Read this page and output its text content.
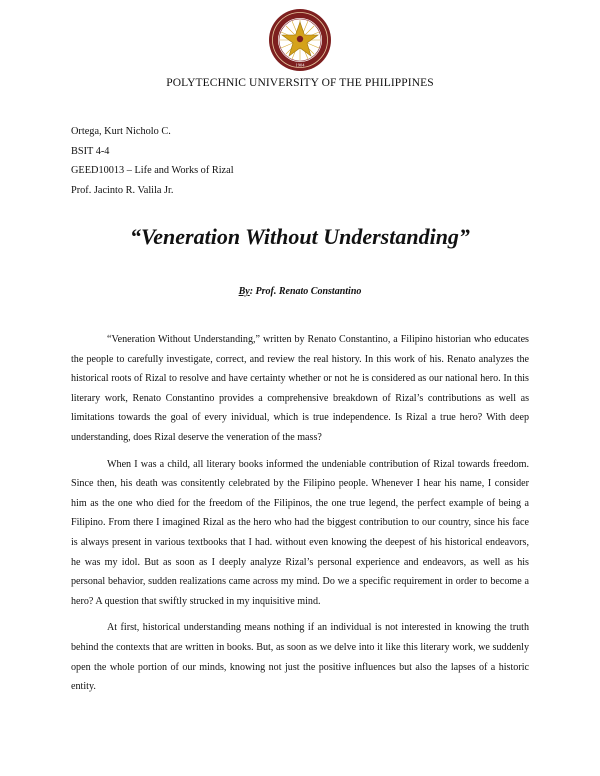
1904
POLYTECHNIC UNIVERSITY OF THE PHILIPPINES
Ortega, Kurt Nicholo C.
BSIT 4-4
GEED10013 – Life and Works of Rizal
Prof. Jacinto R. Valila Jr.
“Veneration Without Understanding”
By: Prof. Renato Constantino

“Veneration Without Understanding,” written by Renato Constantino, a Filipino historian who educates the people to carefully investigate, correct, and review the real history. In this work of his. Renato analyzes the historical roots of Rizal to resolve and have certainty whether or not he is considered as our national hero. In this literary work, Renato Constantino provides a comprehensive breakdown of Rizal’s contributions as well as limitations towards the goal of every inividual, which is true independence. Is Rizal a true hero? With deep understanding, does Rizal deserve the veneration of the mass?

When I was a child, all literary books informed the undeniable contribution of Rizal towards freedom. Since then, his death was consitently celebrated by the Filipino people. Whenever I hear his name, I consider him as the one who died for the freedom of the Filipinos, the one true legend, the perfect example of being a Filipino. From there I imagined Rizal as the hero who had the biggest contribution to our country, since his face is always present in various textbooks that I had. without even knowing the deepest of his historical endeavors, he was my idol. But as soon as I deeply analyze Rizal’s personal experience and endeavors, as well as his personal behavior, sudden realizations came across my mind. Do we a specific requirement in order to become a hero? A question that swiftly strucked in my inquisitive mind.

At first, historical understanding means nothing if an individual is not interested in knowing the truth behind the contexts that are written in books. But, as soon as we delve into it like this literary work, we suddenly open the whole portion of our minds, knowing not just the positive influences but also the lapses of a historic entity.
